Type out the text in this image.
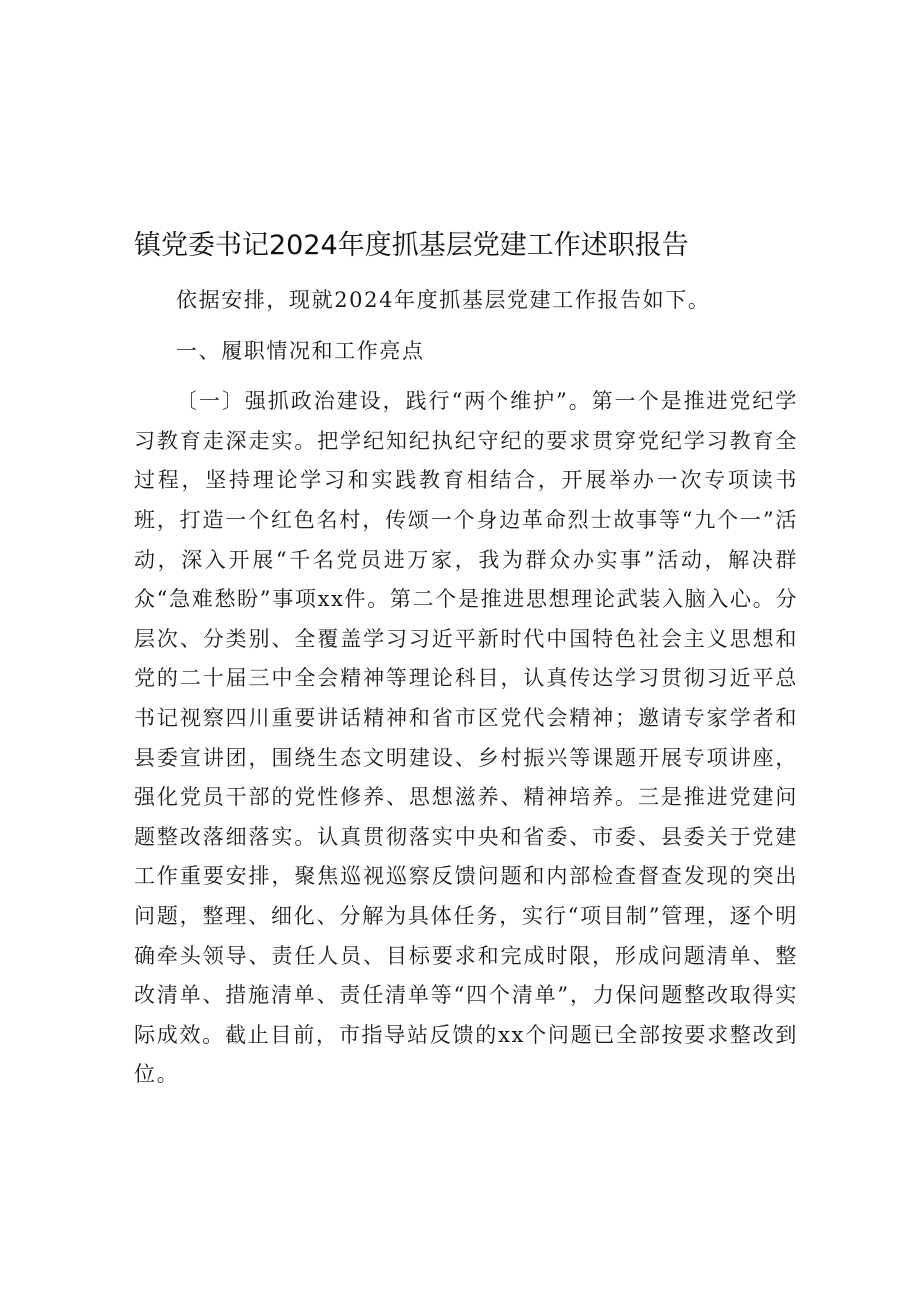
镇党委书记2024年度抓基层党建工作述职报告

依据安排，现就2024年度抓基层党建工作报告如下。

一、履职情况和工作亮点

〔一〕强抓政治建设，践行“两个维护”。第一个是推进党纪学习教育走深走实。把学纪知纪执纪守纪的要求贯穿党纪学习教育全过程，坚持理论学习和实践教育相结合，开展举办一次专项读书班，打造一个红色名村，传颂一个身边革命烈士故事等“九个一”活动，深入开展“千名党员进万家，我为群众办实事”活动，解决群众“急难愁盼”事项xx件。第二个是推进思想理论武装入脑入心。分层次、分类别、全覆盖学习习近平新时代中国特色社会主义思想和党的二十届三中全会精神等理论科目，认真传达学习贯彻习近平总书记视察四川重要讲话精神和省市区党代会精神；邀请专家学者和县委宣讲团，围绕生态文明建设、乡村振兴等课题开展专项讲座，强化党员干部的党性修养、思想滋养、精神培养。三是推进党建问题整改落细落实。认真贯彻落实中央和省委、市委、县委关于党建工作重要安排，聚焦巡视巡察反馈问题和内部检查督查发现的突出问题，整理、细化、分解为具体任务，实行“项目制”管理，逐个明确牵头领导、责任人员、目标要求和完成时限，形成问题清单、整改清单、措施清单、责任清单等“四个清单”，力保问题整改取得实际成效。截止目前，市指导站反馈的xx个问题已全部按要求整改到位。
